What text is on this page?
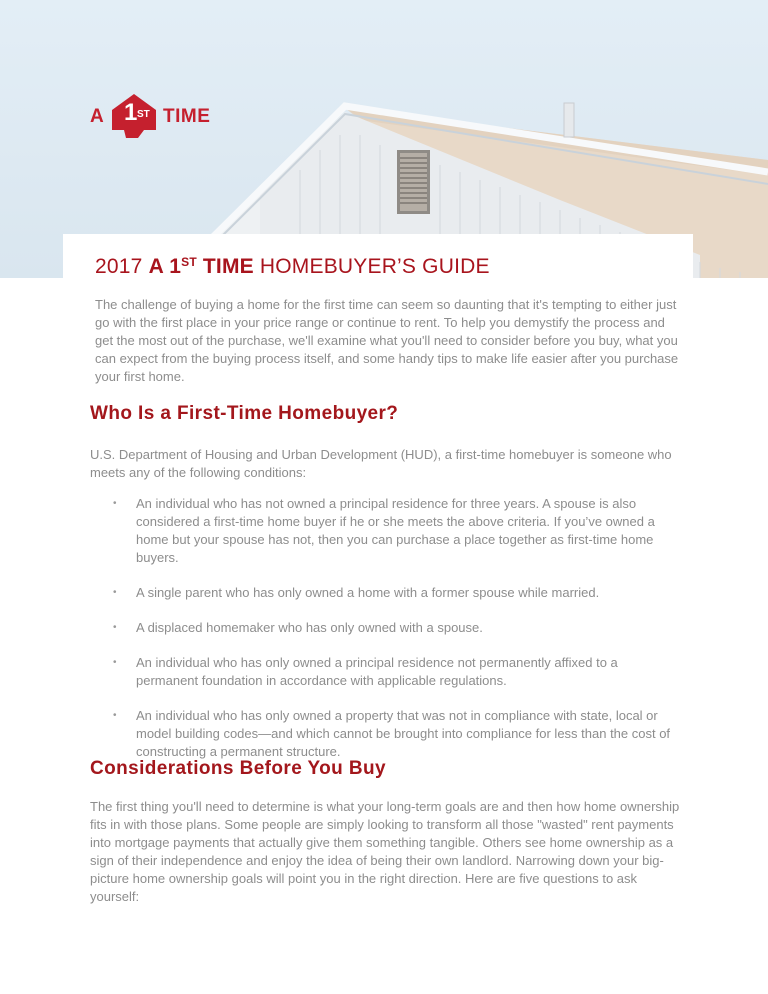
A 1 ST TIME
2017 A 1ST TIME HOMEBUYER’S GUIDE

The challenge of buying a home for the first time can seem so daunting that it's tempting to either just go with the first place in your price range or continue to rent. To help you demystify the process and get the most out of the purchase, we'll examine what you'll need to consider before you buy, what you can expect from the buying process itself, and some handy tips to make life easier after you purchase your first home.

Who Is a First-Time Homebuyer?

U.S. Department of Housing and Urban Development (HUD), a first-time homebuyer is someone who meets any of the following conditions:

• An individual who has not owned a principal residence for three years. A spouse is also considered a first-time home buyer if he or she meets the above criteria. If you’ve owned a home but your spouse has not, then you can purchase a place together as first-time home buyers.
• A single parent who has only owned a home with a former spouse while married.
• A displaced homemaker who has only owned with a spouse.
• An individual who has only owned a principal residence not permanently affixed to a permanent foundation in accordance with applicable regulations.
• An individual who has only owned a property that was not in compliance with state, local or model building codes—and which cannot be brought into compliance for less than the cost of constructing a permanent structure.
Considerations Before You Buy

The first thing you'll need to determine is what your long-term goals are and then how home ownership fits in with those plans. Some people are simply looking to transform all those "wasted" rent payments into mortgage payments that actually give them something tangible. Others see home ownership as a sign of their independence and enjoy the idea of being their own landlord. Narrowing down your big-picture home ownership goals will point you in the right direction. Here are five questions to ask yourself:
